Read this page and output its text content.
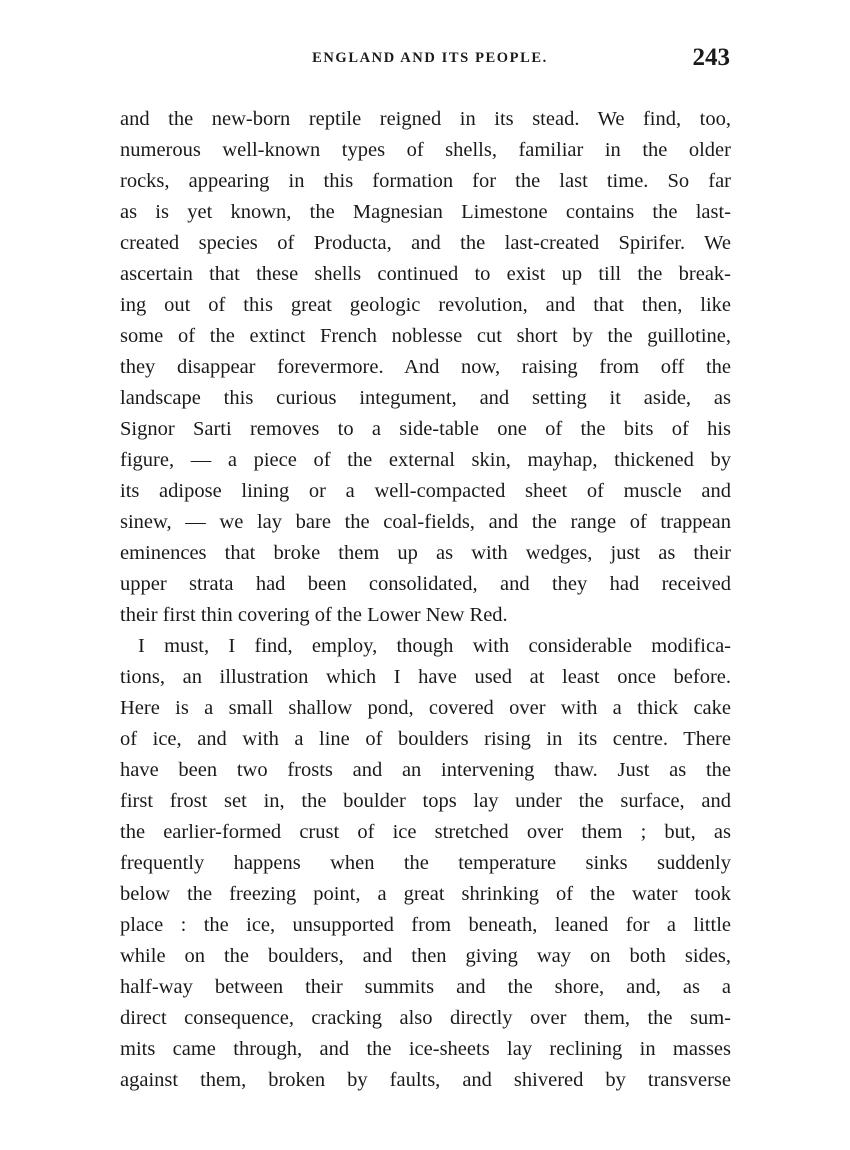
ENGLAND AND ITS PEOPLE.	243
and the new-born reptile reigned in its stead. We find, too,
numerous well-known types of shells, familiar in the older
rocks, appearing in this formation for the last time. So far
as is yet known, the Magnesian Limestone contains the last-
created species of Producta, and the last-created Spirifer. We
ascertain that these shells continued to exist up till the break-
ing out of this great geologic revolution, and that then, like
some of the extinct French noblesse cut short by the guillotine,
they disappear forevermore. And now, raising from off the
landscape this curious integument, and setting it aside, as
Signor Sarti removes to a side-table one of the bits of his
figure, — a piece of the external skin, mayhap, thickened by
its adipose lining or a well-compacted sheet of muscle and
sinew, — we lay bare the coal-fields, and the range of trappean
eminences that broke them up as with wedges, just as their
upper strata had been consolidated, and they had received
their first thin covering of the Lower New Red.
I must, I find, employ, though with considerable modifica-
tions, an illustration which I have used at least once before.
Here is a small shallow pond, covered over with a thick cake
of ice, and with a line of boulders rising in its centre. There
have been two frosts and an intervening thaw. Just as the
first frost set in, the boulder tops lay under the surface, and
the earlier-formed crust of ice stretched over them ; but, as
frequently happens when the temperature sinks suddenly
below the freezing point, a great shrinking of the water took
place : the ice, unsupported from beneath, leaned for a little
while on the boulders, and then giving way on both sides,
half-way between their summits and the shore, and, as a
direct consequence, cracking also directly over them, the sum-
mits came through, and the ice-sheets lay reclining in masses
against them, broken by faults, and shivered by transverse
